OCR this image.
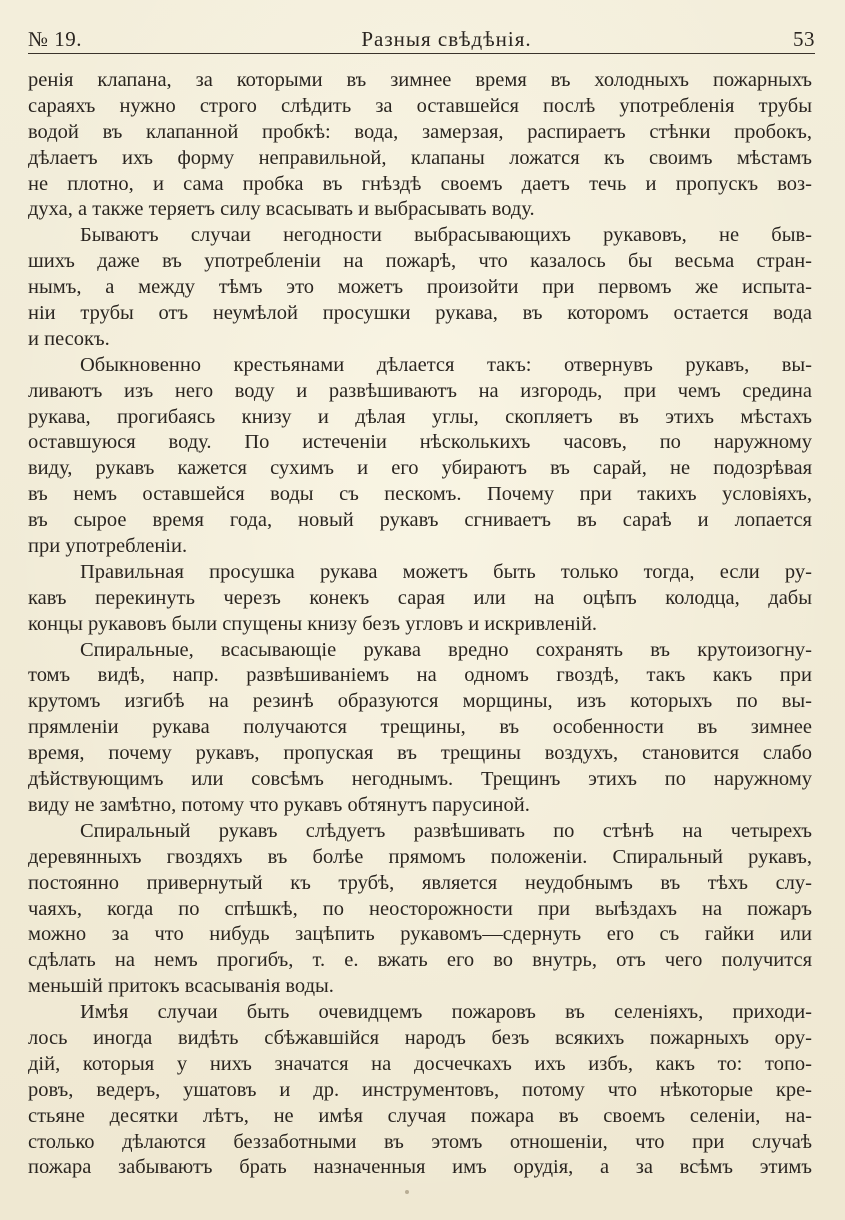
№ 19.	Разныя свѣдѣнія.	53
ренія клапана, за которыми въ зимнее время въ холодныхъ пожарныхъ
сараяхъ нужно строго слѣдить за оставшейся послѣ употребленія трубы
водой въ клапанной пробкѣ: вода, замерзая, распираетъ стѣнки пробокъ,
дѣлаетъ ихъ форму неправильной, клапаны ложатся къ своимъ мѣстамъ
не плотно, и сама пробка въ гнѣздѣ своемъ даетъ течь и пропускъ воз-
духа, а также теряетъ силу всасывать и выбрасывать воду.
Бываютъ случаи негодности выбрасывающихъ рукавовъ, не быв-
шихъ даже въ употребленіи на пожарѣ, что казалось бы весьма стран-
нымъ, а между тѣмъ это можетъ произойти при первомъ же испыта-
ніи трубы отъ неумѣлой просушки рукава, въ которомъ остается вода
и песокъ.
Обыкновенно крестьянами дѣлается такъ: отвернувъ рукавъ, вы-
ливаютъ изъ него воду и развѣшиваютъ на изгородь, при чемъ средина
рукава, прогибаясь книзу и дѣлая углы, скопляетъ въ этихъ мѣстахъ
оставшуюся воду. По истеченіи нѣсколькихъ часовъ, по наружному
виду, рукавъ кажется сухимъ и его убираютъ въ сарай, не подозрѣвая
въ немъ оставшейся воды съ пескомъ. Почему при такихъ условіяхъ,
въ сырое время года, новый рукавъ сгниваетъ въ сараѣ и лопается
при употребленіи.
Правильная просушка рукава можетъ быть только тогда, если ру-
кавъ перекинуть черезъ конекъ сарая или на оцѣпъ колодца, дабы
концы рукавовъ были спущены книзу безъ угловъ и искривленій.
Спиральные, всасывающіе рукава вредно сохранять въ крутоизогну-
томъ видѣ, напр. развѣшиваніемъ на одномъ гвоздѣ, такъ какъ при
крутомъ изгибѣ на резинѣ образуются морщины, изъ которыхъ по вы-
прямленіи рукава получаются трещины, въ особенности въ зимнее
время, почему рукавъ, пропуская въ трещины воздухъ, становится слабо
дѣйствующимъ или совсѣмъ негоднымъ. Трещинъ этихъ по наружному
виду не замѣтно, потому что рукавъ обтянутъ парусиной.
Спиральный рукавъ слѣдуетъ развѣшивать по стѣнѣ на четырехъ
деревянныхъ гвоздяхъ въ болѣе прямомъ положеніи. Спиральный рукавъ,
постоянно привернутый къ трубѣ, является неудобнымъ въ тѣхъ слу-
чаяхъ, когда по спѣшкѣ, по неосторожности при выѣздахъ на пожаръ
можно за что нибудь зацѣпить рукавомъ—сдернуть его съ гайки или
сдѣлать на немъ прогибъ, т. е. вжать его во внутрь, отъ чего получится
меньшій притокъ всасыванія воды.
Имѣя случаи быть очевидцемъ пожаровъ въ селеніяхъ, приходи-
лось иногда видѣть сбѣжавшійся народъ безъ всякихъ пожарныхъ ору-
дій, которыя у нихъ значатся на досчечкахъ ихъ избъ, какъ то: топо-
ровъ, ведеръ, ушатовъ и др. инструментовъ, потому что нѣкоторые кре-
стьяне десятки лѣтъ, не имѣя случая пожара въ своемъ селеніи, на-
столько дѣлаются беззаботными въ этомъ отношеніи, что при случаѣ
пожара забываютъ брать назначенныя имъ орудія, а за всѣмъ этимъ
